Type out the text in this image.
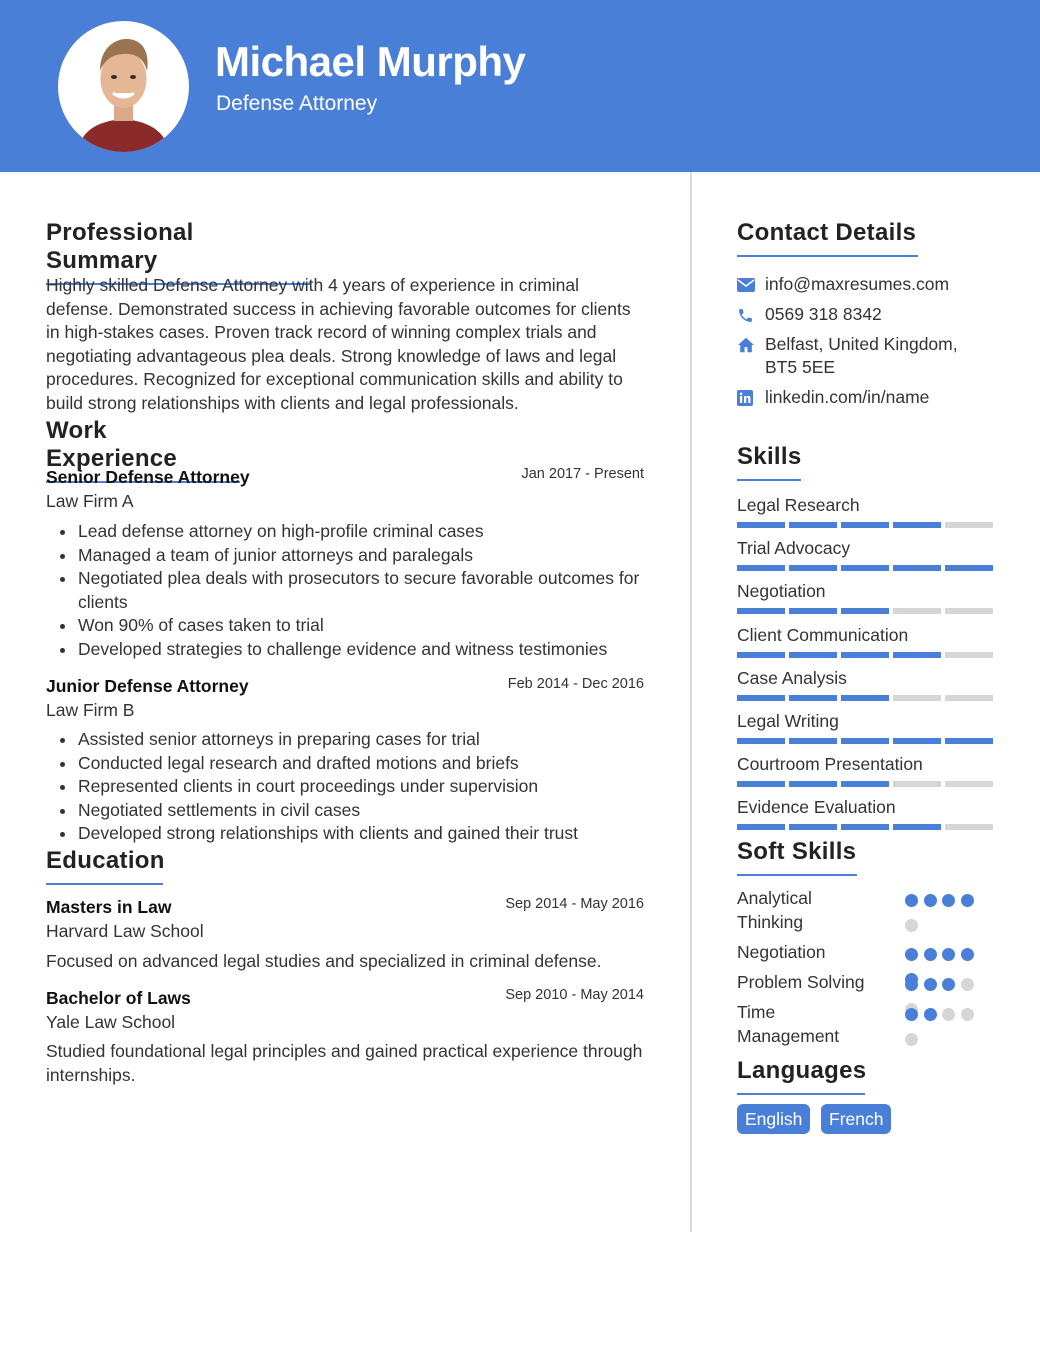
Michael Murphy
Defense Attorney
Professional Summary
Highly skilled Defense Attorney with 4 years of experience in criminal defense. Demonstrated success in achieving favorable outcomes for clients in high-stakes cases. Proven track record of winning complex trials and negotiating advantageous plea deals. Strong knowledge of laws and legal procedures. Recognized for exceptional communication skills and ability to build strong relationships with clients and legal professionals.
Work Experience
Senior Defense Attorney	Jan 2017 - Present
Law Firm A
Lead defense attorney on high-profile criminal cases
Managed a team of junior attorneys and paralegals
Negotiated plea deals with prosecutors to secure favorable outcomes for clients
Won 90% of cases taken to trial
Developed strategies to challenge evidence and witness testimonies
Junior Defense Attorney	Feb 2014 - Dec 2016
Law Firm B
Assisted senior attorneys in preparing cases for trial
Conducted legal research and drafted motions and briefs
Represented clients in court proceedings under supervision
Negotiated settlements in civil cases
Developed strong relationships with clients and gained their trust
Education
Masters in Law	Sep 2014 - May 2016
Harvard Law School
Focused on advanced legal studies and specialized in criminal defense.
Bachelor of Laws	Sep 2010 - May 2014
Yale Law School
Studied foundational legal principles and gained practical experience through internships.
Contact Details
info@maxresumes.com
0569 318 8342
Belfast, United Kingdom, BT5 5EE
linkedin.com/in/name
Skills
Legal Research
Trial Advocacy
Negotiation
Client Communication
Case Analysis
Legal Writing
Courtroom Presentation
Evidence Evaluation
Soft Skills
Analytical Thinking
Negotiation
Problem Solving
Time Management
Languages
English	French
